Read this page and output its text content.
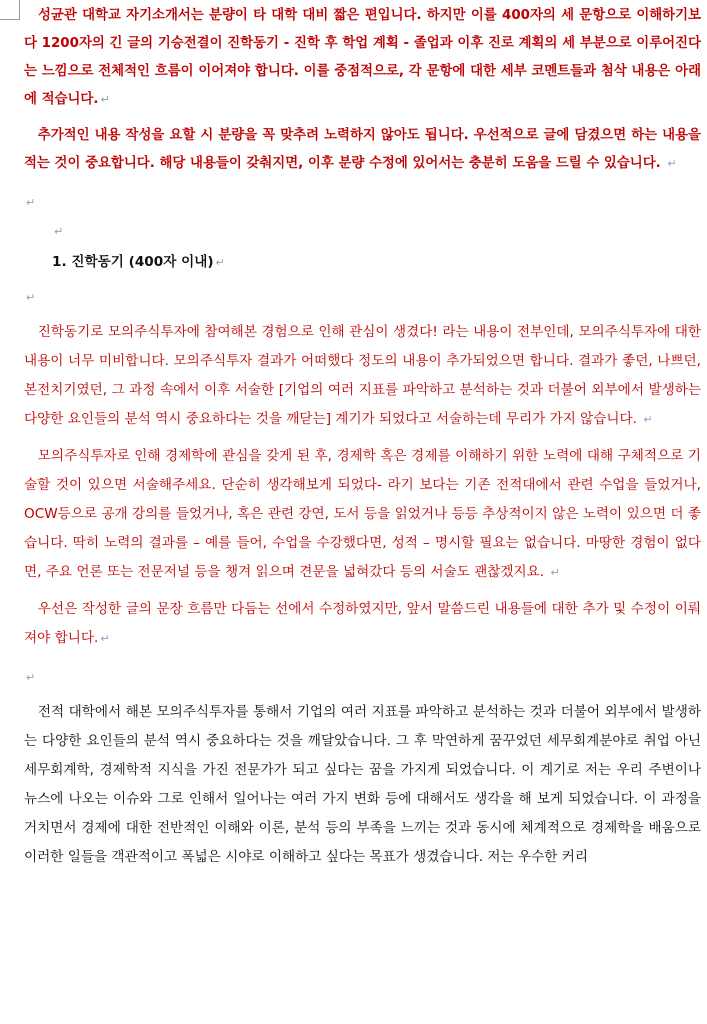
　성균관 대학교 자기소개서는 분량이 타 대학 대비 짧은 편입니다. 하지만 이를 400자의 세 문항으로 이해하기보다 1200자의 긴 글의 기승전결이 진학동기 - 진학 후 학업 계획 - 졸업과 이후 진로 계획의 세 부분으로 이루어진다는 느낌으로 전체적인 흐름이 이어져야 합니다. 이를 중점적으로, 각 문항에 대한 세부 코멘트들과 첨삭 내용은 아래에 적습니다. ↵

　추가적인 내용 작성을 요할 시 분량을 꼭 맞추려 노력하지 않아도 됩니다. 우선적으로 글에 담겼으면 하는 내용을 적는 것이 중요합니다. 해당 내용들이 갖춰지면, 이후 분량 수정에 있어서는 충분히 도움을 드릴 수 있습니다. ↵

↵

↵

1. 진학동기 (400자 이내) ↵

↵

　진학동기로 모의주식투자에 참여해본 경험으로 인해 관심이 생겼다! 라는 내용이 전부인데, 모의주식투자에 대한 내용이 너무 미비합니다. 모의주식투자 결과가 어떠했다 정도의 내용이 추가되었으면 합니다. 결과가 좋던, 나쁘던, 본전치기였던, 그 과정 속에서 이후 서술한 [기업의 여러 지표를 파악하고 분석하는 것과 더불어 외부에서 발생하는 다양한 요인들의 분석 역시 중요하다는 것을 깨닫는] 계기가 되었다고 서술하는데 무리가 가지 않습니다. ↵

　모의주식투자로 인해 경제학에 관심을 갖게 된 후, 경제학 혹은 경제를 이해하기 위한 노력에 대해 구체적으로 기술할 것이 있으면 서술해주세요. 단순히 생각해보게 되었다- 라기 보다는 기존 전적대에서 관련 수업을 들었거나, OCW등으로 공개 강의를 들었거나, 혹은 관련 강연, 도서 등을 읽었거나 등등 추상적이지 않은 노력이 있으면 더 좋습니다. 딱히 노력의 결과를 – 예를 들어, 수업을 수강했다면, 성적 – 명시할 필요는 없습니다. 마땅한 경험이 없다면, 주요 언론 또는 전문저널 등을 챙겨 읽으며 견문을 넓혀갔다 등의 서술도 괜찮겠지요. ↵

　우선은 작성한 글의 문장 흐름만 다듬는 선에서 수정하였지만, 앞서 말씀드린 내용들에 대한 추가 및 수정이 이뤄져야 합니다. ↵

↵

　전적 대학에서 해본 모의주식투자를 통해서 기업의 여러 지표를 파악하고 분석하는 것과 더불어 외부에서 발생하는 다양한 요인들의 분석 역시 중요하다는 것을 깨달았습니다. 그 후 막연하게 꿈꾸었던 세무회계분야로 취업 아닌 세무회계학, 경제학적 지식을 가진 전문가가 되고 싶다는 꿈을 가지게 되었습니다. 이 계기로 저는 우리 주변이나 뉴스에 나오는 이슈와 그로 인해서 일어나는 여러 가지 변화 등에 대해서도 생각을 해 보게 되었습니다. 이 과정을 거치면서 경제에 대한 전반적인 이해와 이론, 분석 등의 부족을 느끼는 것과 동시에 체계적으로 경제학을 배움으로 이러한 일들을 객관적이고 폭넓은 시야로 이해하고 싶다는 목표가 생겼습니다. 저는 우수한 커리
